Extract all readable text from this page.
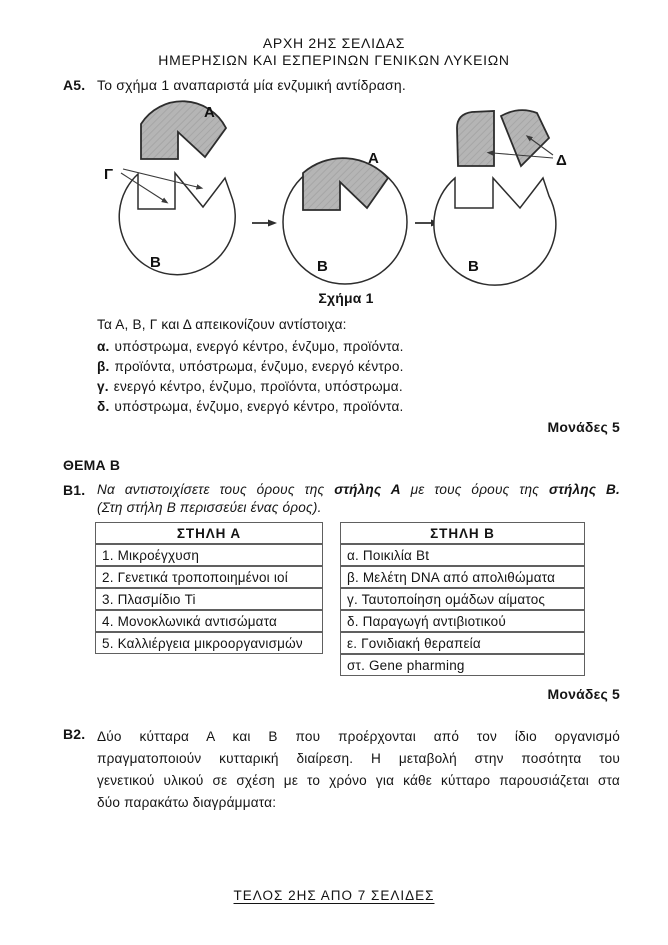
ΑΡΧΗ 2ΗΣ ΣΕΛΙΔΑΣ
ΗΜΕΡΗΣΙΩΝ ΚΑΙ ΕΣΠΕΡΙΝΩΝ ΓΕΝΙΚΩΝ ΛΥΚΕΙΩΝ
Α5. Το σχήμα 1 αναπαριστά μία ενζυμική αντίδραση.
Α
Γ
Β
Α
Β
Δ
Β
Σχήμα 1
Τα Α, Β, Γ και Δ απεικονίζουν αντίστοιχα:
α. υπόστρωμα, ενεργό κέντρο, ένζυμο, προϊόντα.
β. προϊόντα, υπόστρωμα, ένζυμο, ενεργό κέντρο.
γ. ενεργό κέντρο, ένζυμο, προϊόντα, υπόστρωμα.
δ. υπόστρωμα, ένζυμο, ενεργό κέντρο, προϊόντα.
Μονάδες 5
ΘΕΜΑ Β
Β1. Να αντιστοιχίσετε τους όρους της στήλης Α με τους όρους της στήλης Β.
(Στη στήλη Β περισσεύει ένας όρος).
ΣΤΗΛΗ Α
1. Μικροέγχυση
2. Γενετικά τροποποιημένοι ιοί
3. Πλασμίδιο Ti
4. Μονοκλωνικά αντισώματα
5. Καλλιέργεια μικροοργανισμών
ΣΤΗΛΗ Β
α. Ποικιλία Bt
β. Μελέτη DNA από απολιθώματα
γ. Ταυτοποίηση ομάδων αίματος
δ. Παραγωγή αντιβιοτικού
ε. Γονιδιακή θεραπεία
στ. Gene pharming
Μονάδες 5
Β2. Δύο κύτταρα Α και Β που προέρχονται από τον ίδιο οργανισμό
πραγματοποιούν κυτταρική διαίρεση. Η μεταβολή στην ποσότητα του
γενετικού υλικού σε σχέση με το χρόνο για κάθε κύτταρο παρουσιάζεται στα
δύο παρακάτω διαγράμματα:
ΤΕΛΟΣ 2ΗΣ ΑΠΟ 7 ΣΕΛΙΔΕΣ
